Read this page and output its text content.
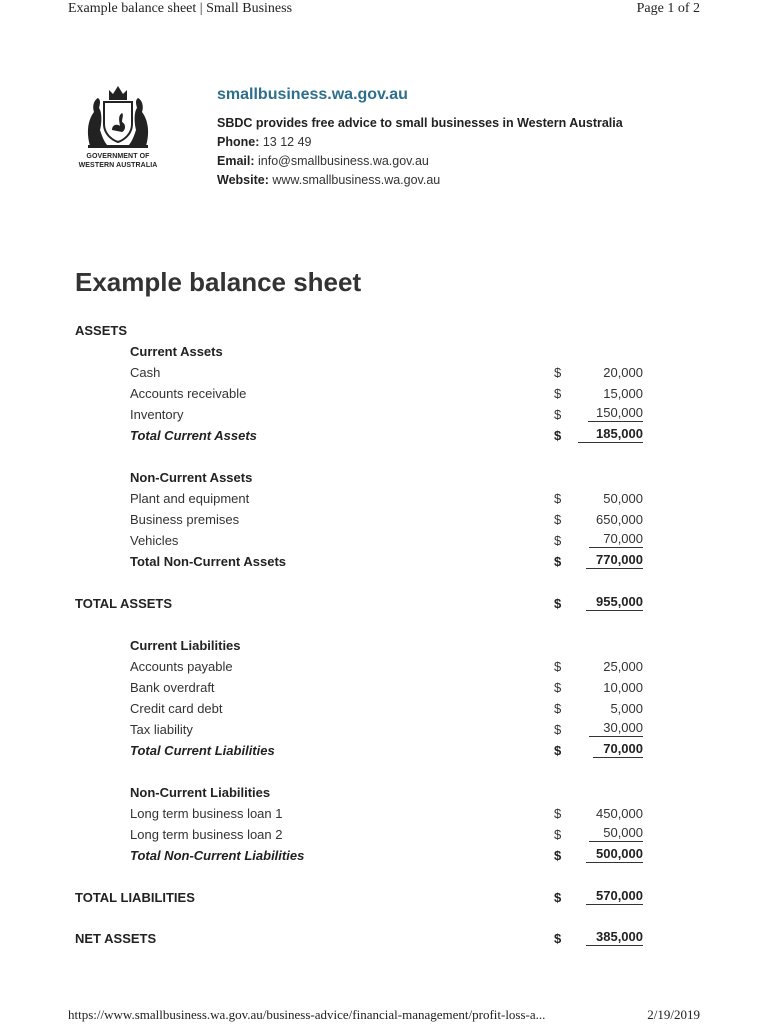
Example balance sheet | Small Business	Page 1 of 2
GOVERNMENT OF
WESTERN AUSTRALIA
smallbusiness.wa.gov.au
SBDC provides free advice to small businesses in Western Australia
Phone: 13 12 49
Email: info@smallbusiness.wa.gov.au
Website: www.smallbusiness.wa.gov.au
Example balance sheet
ASSETS
Current Assets
Cash	$	20,000
Accounts receivable	$	15,000
Inventory	$	150,000
Total Current Assets	$	185,000
Non-Current Assets
Plant and equipment	$	50,000
Business premises	$	650,000
Vehicles	$	70,000
Total Non-Current Assets	$	770,000
TOTAL ASSETS	$	955,000
Current Liabilities
Accounts payable	$	25,000
Bank overdraft	$	10,000
Credit card debt	$	5,000
Tax liability	$	30,000
Total Current Liabilities	$	70,000
Non-Current Liabilities
Long term business loan 1	$	450,000
Long term business loan 2	$	50,000
Total Non-Current Liabilities	$	500,000
TOTAL LIABILITIES	$	570,000
NET ASSETS	$	385,000
https://www.smallbusiness.wa.gov.au/business-advice/financial-management/profit-loss-a...	2/19/2019
